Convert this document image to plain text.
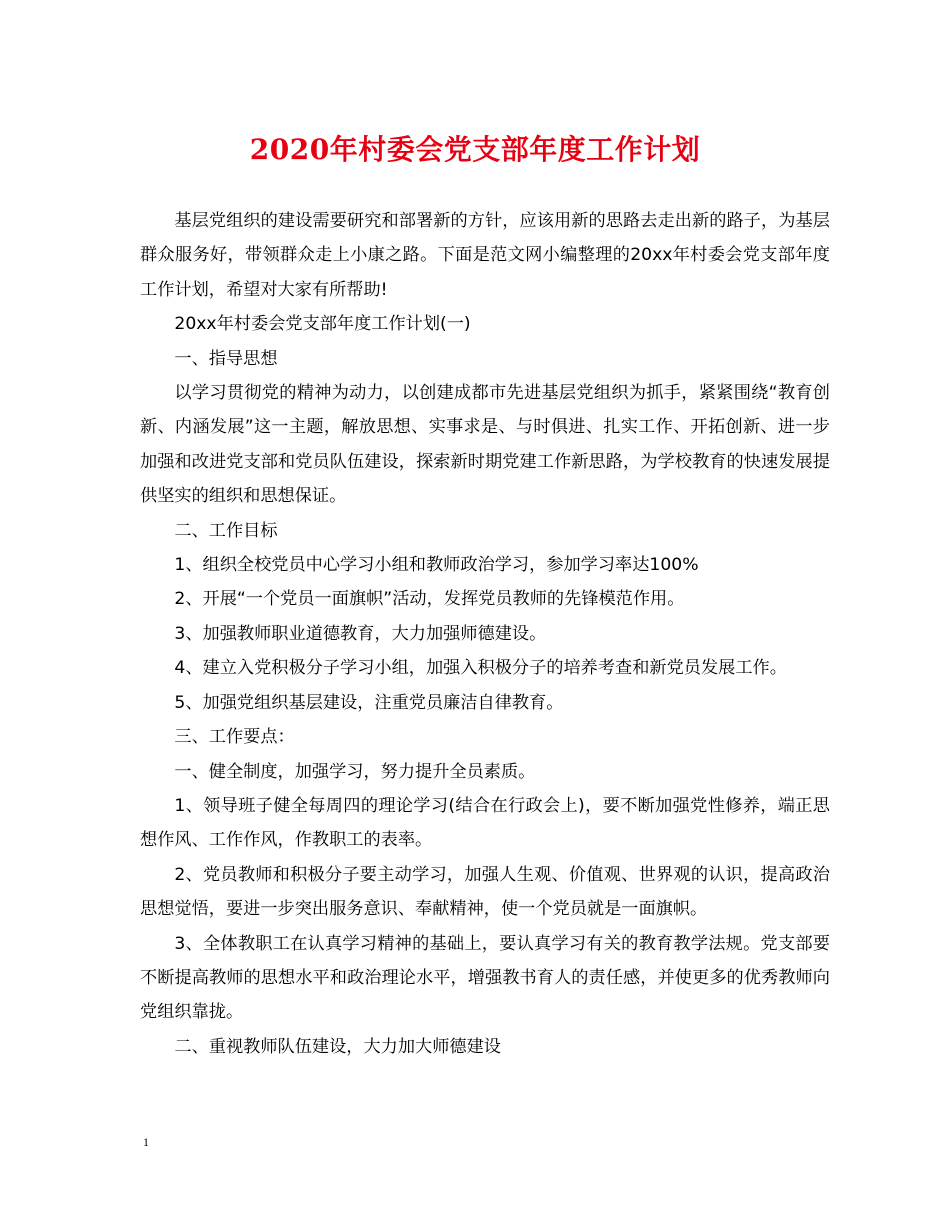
2020年村委会党支部年度工作计划

基层党组织的建设需要研究和部署新的方针，应该用新的思路去走出新的路子，为基层群众服务好，带领群众走上小康之路。下面是范文网小编整理的20xx年村委会党支部年度工作计划，希望对大家有所帮助!

20xx年村委会党支部年度工作计划(一)

一、指导思想

以学习贯彻党的精神为动力，以创建成都市先进基层党组织为抓手，紧紧围绕“教育创新、内涵发展”这一主题，解放思想、实事求是、与时俱进、扎实工作、开拓创新、进一步加强和改进党支部和党员队伍建设，探索新时期党建工作新思路，为学校教育的快速发展提供坚实的组织和思想保证。

二、工作目标

1、组织全校党员中心学习小组和教师政治学习，参加学习率达100%

2、开展“一个党员一面旗帜”活动，发挥党员教师的先锋模范作用。

3、加强教师职业道德教育，大力加强师德建设。

4、建立入党积极分子学习小组，加强入积极分子的培养考查和新党员发展工作。

5、加强党组织基层建设，注重党员廉洁自律教育。

三、工作要点：

一、健全制度，加强学习，努力提升全员素质。

1、领导班子健全每周四的理论学习(结合在行政会上)，要不断加强党性修养，端正思想作风、工作作风，作教职工的表率。

2、党员教师和积极分子要主动学习，加强人生观、价值观、世界观的认识，提高政治思想觉悟，要进一步突出服务意识、奉献精神，使一个党员就是一面旗帜。

3、全体教职工在认真学习精神的基础上，要认真学习有关的教育教学法规。党支部要不断提高教师的思想水平和政治理论水平，增强教书育人的责任感，并使更多的优秀教师向党组织靠拢。

二、重视教师队伍建设，大力加大师德建设

1
